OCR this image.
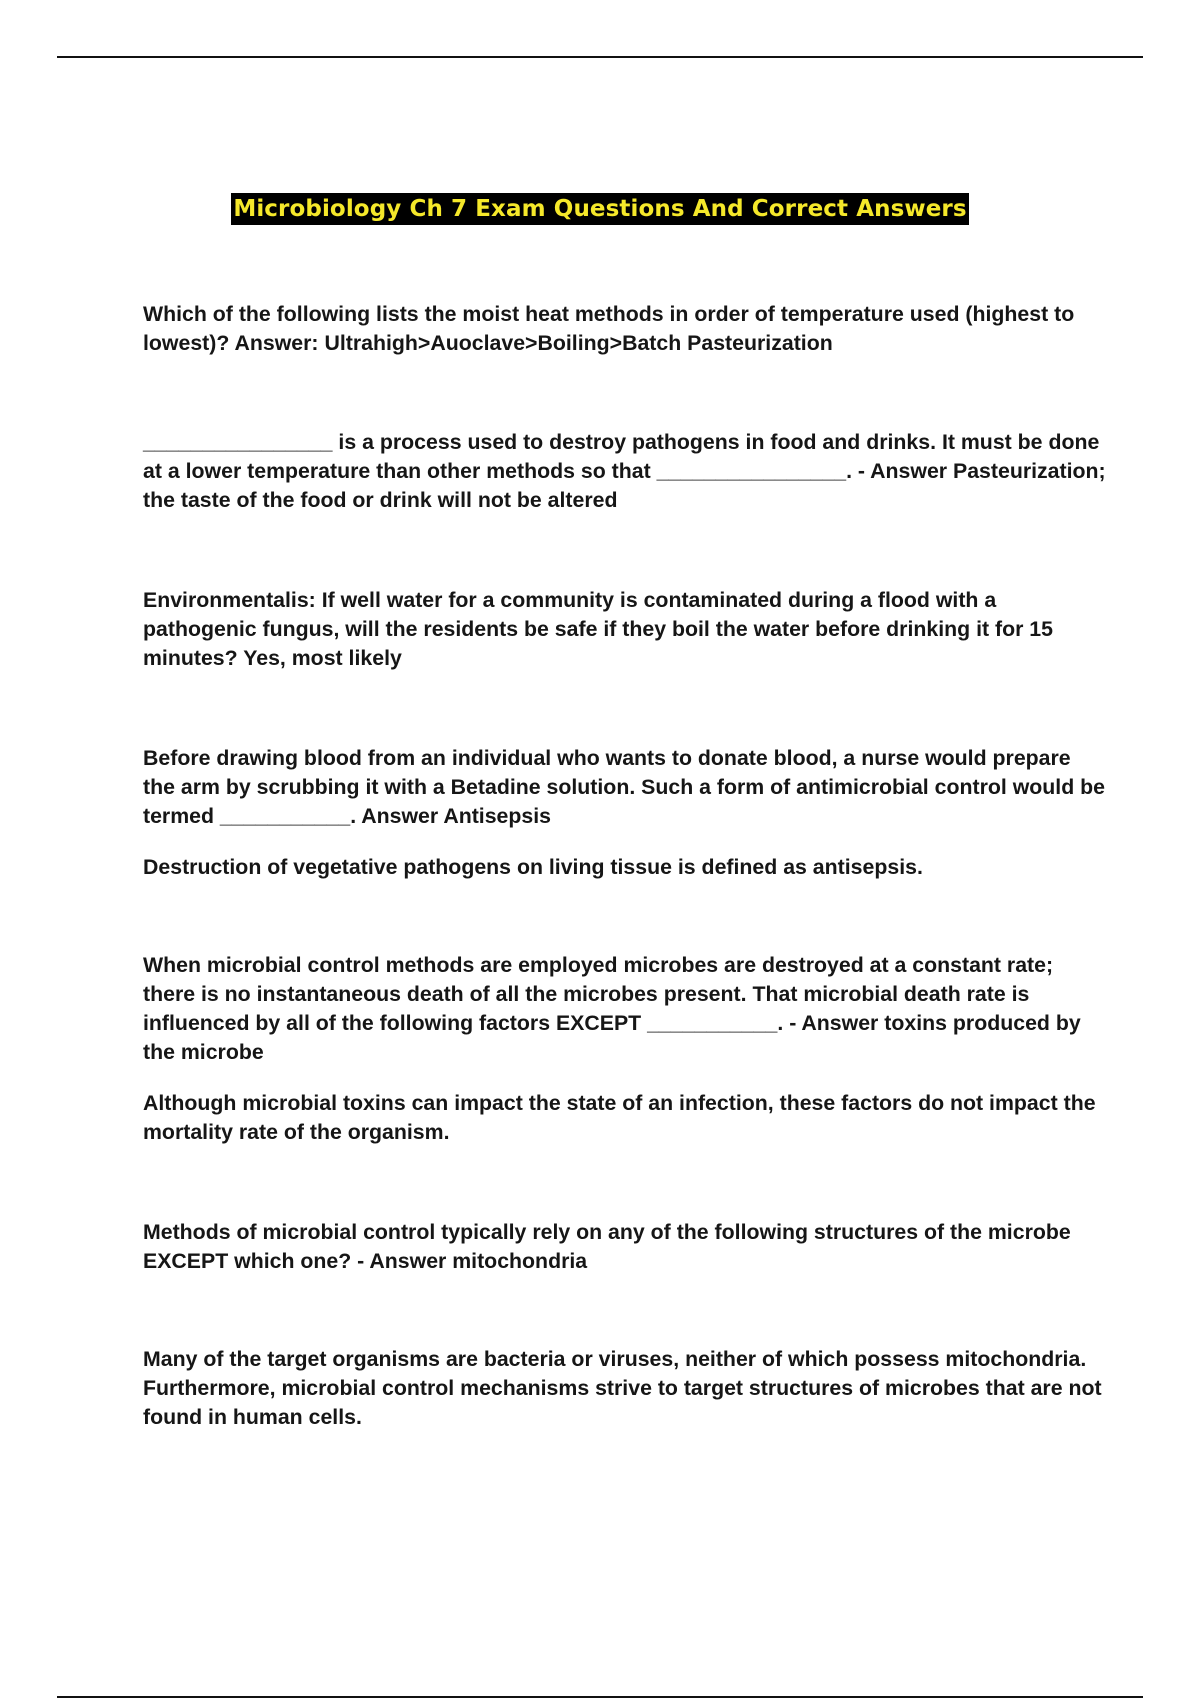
Microbiology Ch 7 Exam Questions And Correct Answers

Which of the following lists the moist heat methods in order of temperature used (highest to lowest)? Answer: Ultrahigh>Auoclave>Boiling>Batch Pasteurization

________________ is a process used to destroy pathogens in food and drinks. It must be done at a lower temperature than other methods so that ________________. - Answer Pasteurization; the taste of the food or drink will not be altered

Environmentalis: If well water for a community is contaminated during a flood with a pathogenic fungus, will the residents be safe if they boil the water before drinking it for 15 minutes? Yes, most likely

Before drawing blood from an individual who wants to donate blood, a nurse would prepare the arm by scrubbing it with a Betadine solution. Such a form of antimicrobial control would be termed ___________. Answer Antisepsis

Destruction of vegetative pathogens on living tissue is defined as antisepsis.

When microbial control methods are employed microbes are destroyed at a constant rate; there is no instantaneous death of all the microbes present. That microbial death rate is influenced by all of the following factors EXCEPT ___________. - Answer toxins produced by the microbe

Although microbial toxins can impact the state of an infection, these factors do not impact the mortality rate of the organism.

Methods of microbial control typically rely on any of the following structures of the microbe EXCEPT which one? - Answer mitochondria

Many of the target organisms are bacteria or viruses, neither of which possess mitochondria. Furthermore, microbial control mechanisms strive to target structures of microbes that are not found in human cells.
